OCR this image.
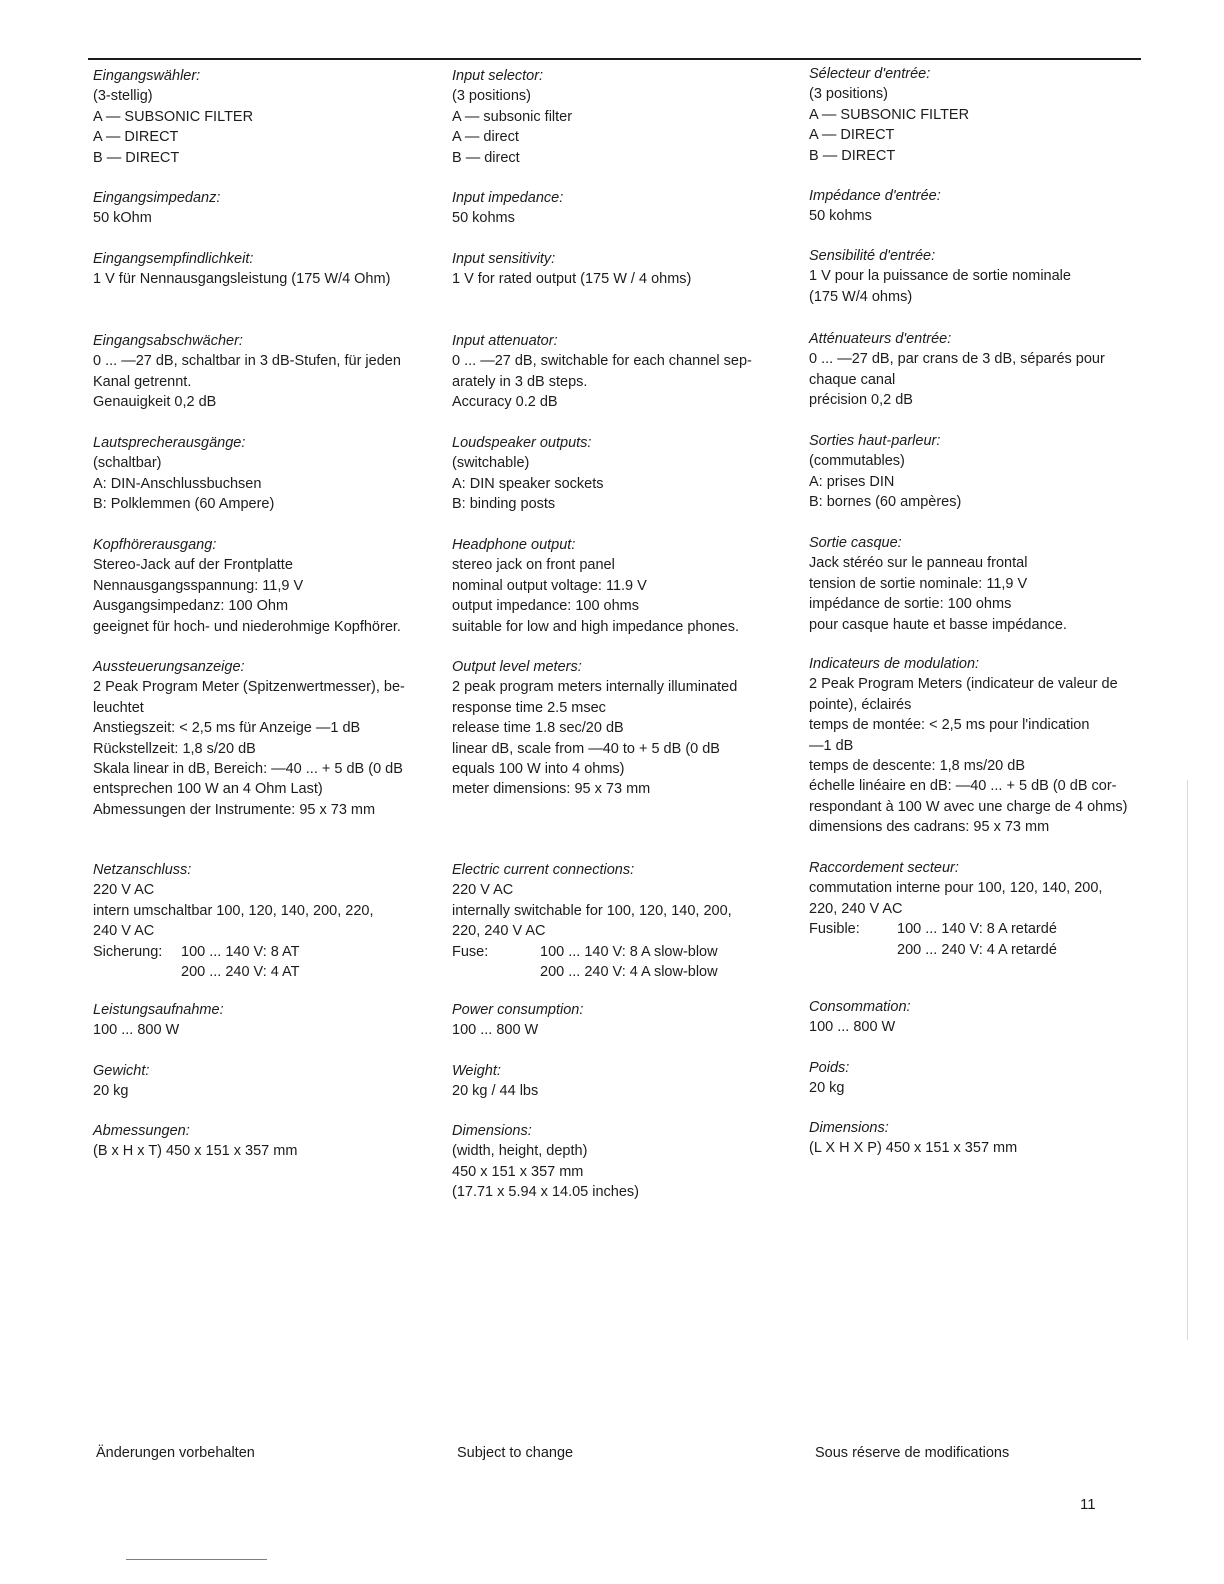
Eingangswähler:

(3-stellig)

A — SUBSONIC FILTER

A — DIRECT

B — DIRECT

Eingangsimpedanz:

50 kOhm

Eingangsempfindlichkeit:

1 V für Nennausgangsleistung (175 W/4 Ohm)

Eingangsabschwächer:

0 ... —27 dB, schaltbar in 3 dB-Stufen, für jeden

Kanal getrennt.

Genauigkeit 0,2 dB

Lautsprecherausgänge:

(schaltbar)

A: DIN-Anschlussbuchsen

B: Polklemmen (60 Ampere)

Kopfhörerausgang:

Stereo-Jack auf der Frontplatte

Nennausgangsspannung: 11,9 V

Ausgangsimpedanz: 100 Ohm

geeignet für hoch- und niederohmige Kopfhörer.

Aussteuerungsanzeige:

2 Peak Program Meter (Spitzenwertmesser), be-

leuchtet

Anstiegszeit: < 2,5 ms für Anzeige —1 dB

Rückstellzeit: 1,8 s/20 dB

Skala linear in dB, Bereich: —40 ... + 5 dB (0 dB

entsprechen 100 W an 4 Ohm Last)

Abmessungen der Instrumente: 95 x 73 mm

Netzanschluss:

220 V AC

intern umschaltbar 100, 120, 140, 200, 220,

240 V AC

Sicherung:	100 ... 140 V: 8 AT
200 ... 240 V: 4 AT

Leistungsaufnahme:

100 ... 800 W

Gewicht:

20 kg

Abmessungen:

(B x H x T) 450 x 151 x 357 mm

Input selector:

(3 positions)

A — subsonic filter

A — direct

B — direct

Input impedance:

50 kohms

Input sensitivity:

1 V for rated output (175 W / 4 ohms)

Input attenuator:

0 ... —27 dB, switchable for each channel sep-

arately in 3 dB steps.

Accuracy 0.2 dB

Loudspeaker outputs:

(switchable)

A: DIN speaker sockets

B: binding posts

Headphone output:

stereo jack on front panel

nominal output voltage: 11.9 V

output impedance: 100 ohms

suitable for low and high impedance phones.

Output level meters:

2 peak program meters internally illuminated

response time 2.5 msec

release time 1.8 sec/20 dB

linear dB, scale from —40 to + 5 dB (0 dB

equals 100 W into 4 ohms)

meter dimensions: 95 x 73 mm

Electric current connections:

220 V AC

internally switchable for 100, 120, 140, 200,

220, 240 V AC

Fuse:	100 ... 140 V: 8 A slow-blow
200 ... 240 V: 4 A slow-blow

Power consumption:

100 ... 800 W

Weight:

20 kg / 44 lbs

Dimensions:

(width, height, depth)

450 x 151 x 357 mm

(17.71 x 5.94 x 14.05 inches)

Sélecteur d'entrée:

(3 positions)

A — SUBSONIC FILTER

A — DIRECT

B — DIRECT

Impédance d'entrée:

50 kohms

Sensibilité d'entrée:

1 V pour la puissance de sortie nominale

(175 W/4 ohms)

Atténuateurs d'entrée:

0 ... —27 dB, par crans de 3 dB, séparés pour

chaque canal

précision 0,2 dB

Sorties haut-parleur:

(commutables)

A: prises DIN

B: bornes (60 ampères)

Sortie casque:

Jack stéréo sur le panneau frontal

tension de sortie nominale: 11,9 V

impédance de sortie: 100 ohms

pour casque haute et basse impédance.

Indicateurs de modulation:

2 Peak Program Meters (indicateur de valeur de

pointe), éclairés

temps de montée: < 2,5 ms pour l'indication

—1 dB

temps de descente: 1,8 ms/20 dB

échelle linéaire en dB: —40 ... + 5 dB (0 dB cor-

respondant à 100 W avec une charge de 4 ohms)

dimensions des cadrans: 95 x 73 mm

Raccordement secteur:

commutation interne pour 100, 120, 140, 200,

220, 240 V AC

Fusible:	100 ... 140 V: 8 A retardé
200 ... 240 V: 4 A retardé

Consommation:

100 ... 800 W

Poids:

20 kg

Dimensions:

(L X H X P) 450 x 151 x 357 mm

Änderungen vorbehalten	Subject to change	Sous réserve de modifications
11
